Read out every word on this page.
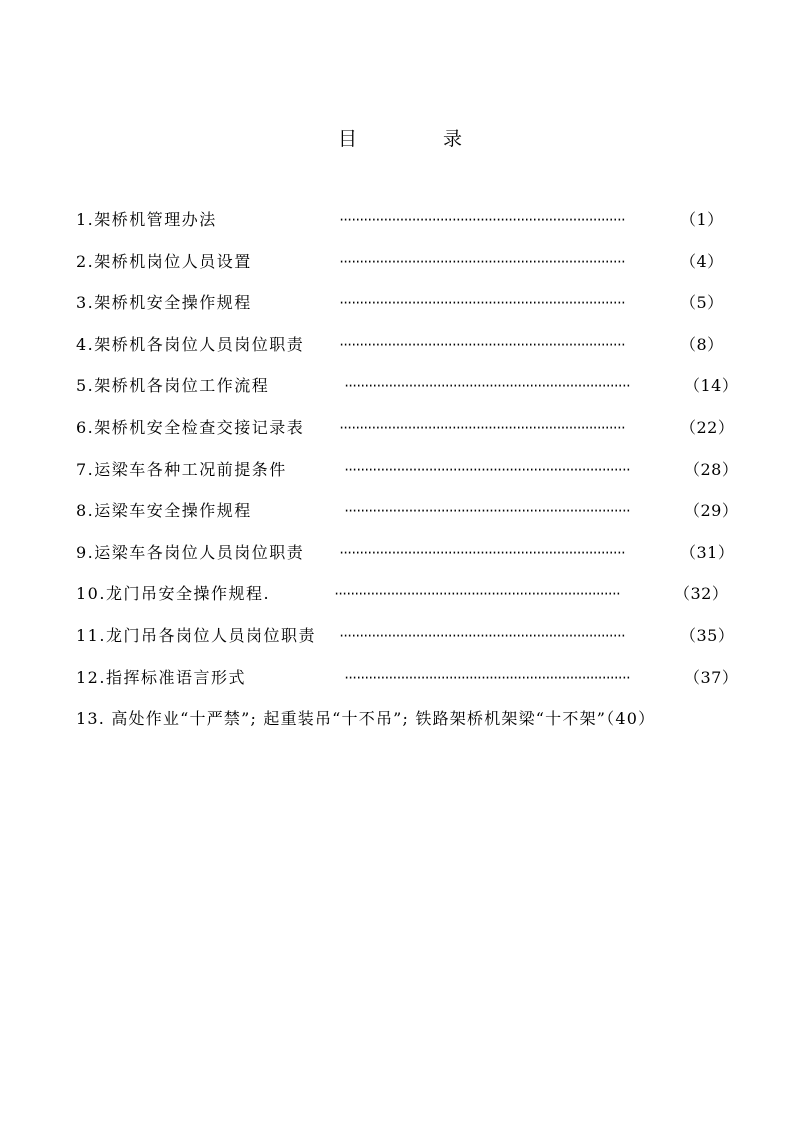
目	录
1.架桥机管理办法	·······································································	（1）
2.架桥机岗位人员设置	·······································································	（4）
3.架桥机安全操作规程	·······································································	（5）
4.架桥机各岗位人员岗位职责	·······································································	（8）
5.架桥机各岗位工作流程	·······································································	（14）
6.架桥机安全检查交接记录表	·······································································	（22）
7.运梁车各种工况前提条件	·······································································	（28）
8.运梁车安全操作规程	·······································································	（29）
9.运梁车各岗位人员岗位职责	·······································································	（31）
10.龙门吊安全操作规程.	·······································································	（32）
11.龙门吊各岗位人员岗位职责 ·······································································	（35）
12.指挥标准语言形式	·······································································	（37）
13. 高处作业“十严禁”; 起重装吊“十不吊”; 铁路架桥机架梁“十不架”（40）
